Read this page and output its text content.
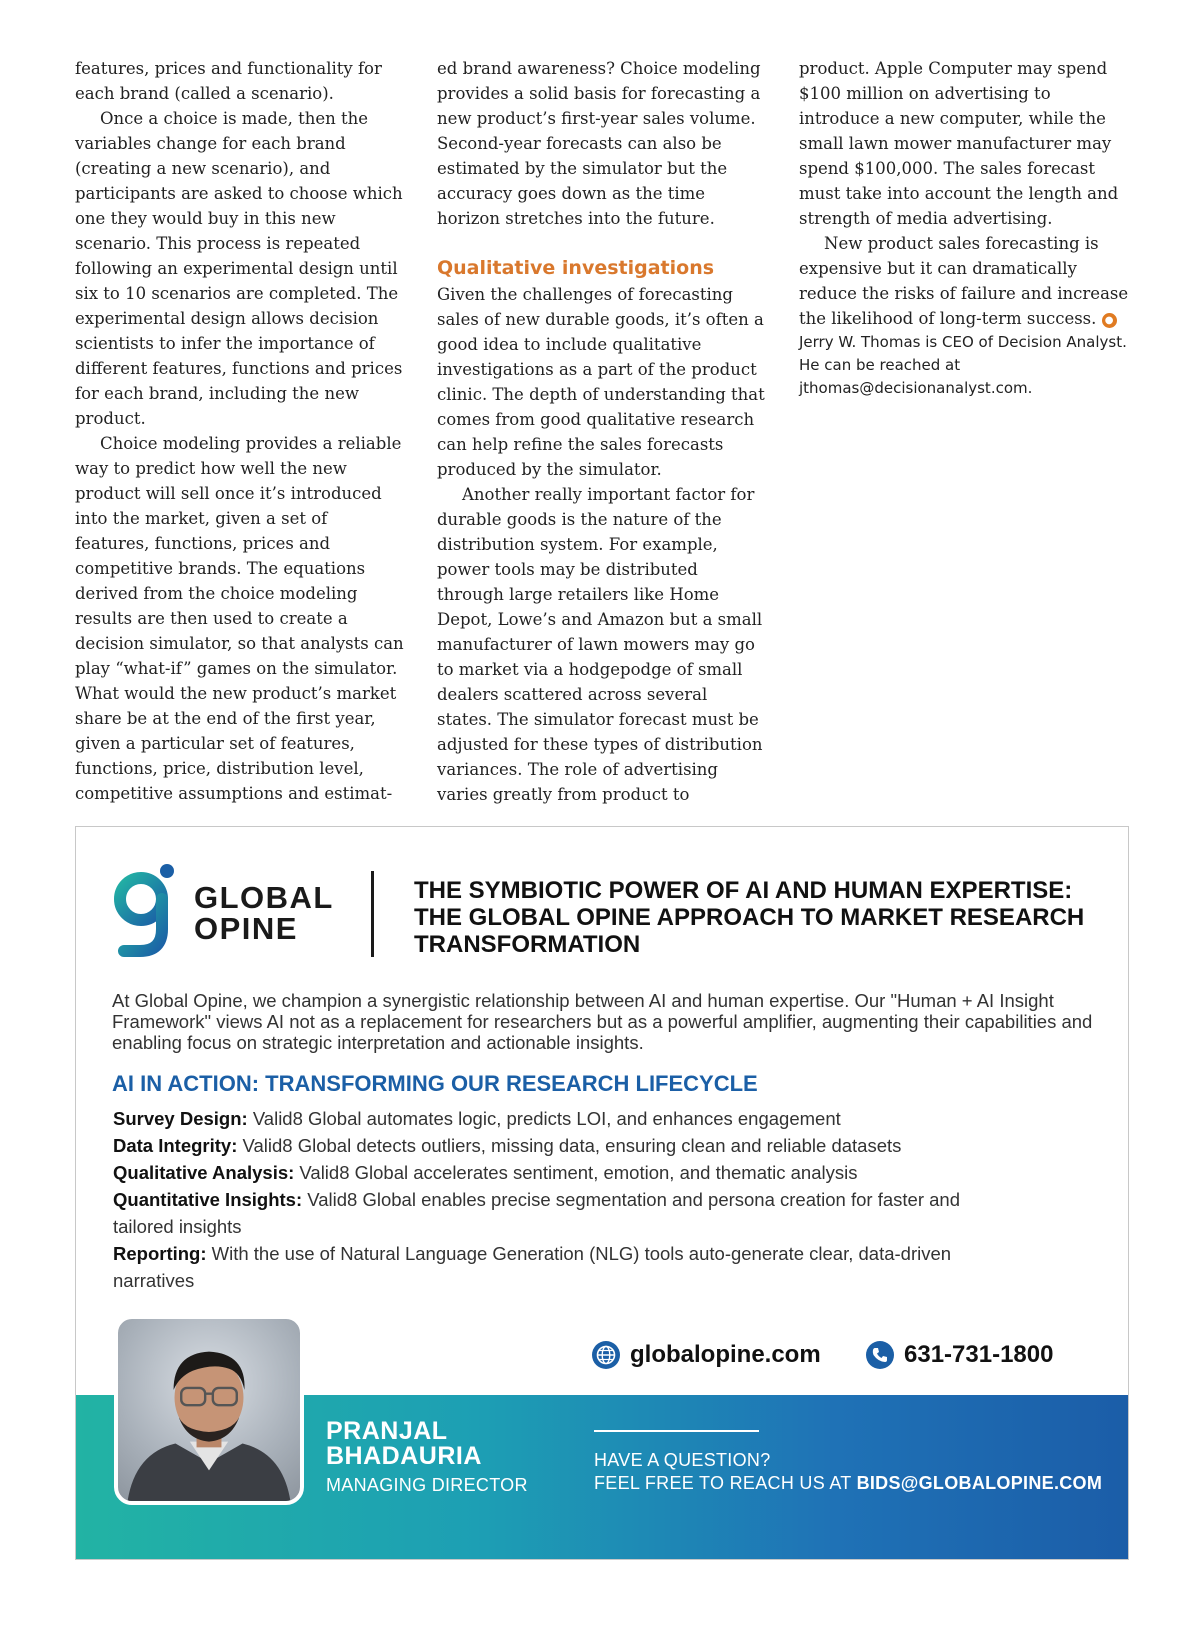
features, prices and functionality for each brand (called a scenario).

Once a choice is made, then the variables change for each brand (creating a new scenario), and participants are asked to choose which one they would buy in this new scenario. This process is repeated following an experimental design until six to 10 scenarios are completed. The experimental design allows decision scientists to infer the importance of different features, functions and prices for each brand, including the new product.

Choice modeling provides a reliable way to predict how well the new product will sell once it’s introduced into the market, given a set of features, functions, prices and competitive brands. The equations derived from the choice modeling results are then used to create a decision simulator, so that analysts can play “what-if” games on the simulator. What would the new product’s market share be at the end of the first year, given a particular set of features, functions, price, distribution level, competitive assumptions and estimat-

ed brand awareness? Choice modeling provides a solid basis for forecasting a new product’s first-year sales volume. Second-year forecasts can also be estimated by the simulator but the accuracy goes down as the time horizon stretches into the future.

Qualitative investigations

Given the challenges of forecasting sales of new durable goods, it’s often a good idea to include qualitative investigations as a part of the product clinic. The depth of understanding that comes from good qualitative research can help refine the sales forecasts produced by the simulator.

Another really important factor for durable goods is the nature of the distribution system. For example, power tools may be distributed through large retailers like Home Depot, Lowe’s and Amazon but a small manufacturer of lawn mowers may go to market via a hodgepodge of small dealers scattered across several states. The simulator forecast must be adjusted for these types of distribution variances. The role of advertising varies greatly from product to

product. Apple Computer may spend $100 million on advertising to introduce a new computer, while the small lawn mower manufacturer may spend $100,000. The sales forecast must take into account the length and strength of media advertising.

New product sales forecasting is expensive but it can dramatically reduce the risks of failure and increase the likelihood of long-term success. ●

Jerry W. Thomas is CEO of Decision Analyst. He can be reached at jthomas@decisionanalyst.com.

GLOBAL
OPINE
THE SYMBIOTIC POWER OF AI AND HUMAN EXPERTISE: THE GLOBAL OPINE APPROACH TO MARKET RESEARCH TRANSFORMATION
At Global Opine, we champion a synergistic relationship between AI and human expertise. Our "Human + AI Insight Framework" views AI not as a replacement for researchers but as a powerful amplifier, augmenting their capabilities and enabling focus on strategic interpretation and actionable insights.
AI IN ACTION: TRANSFORMING OUR RESEARCH LIFECYCLE
Survey Design: Valid8 Global automates logic, predicts LOI, and enhances engagement
Data Integrity: Valid8 Global detects outliers, missing data, ensuring clean and reliable datasets
Qualitative Analysis: Valid8 Global accelerates sentiment, emotion, and thematic analysis
Quantitative Insights: Valid8 Global enables precise segmentation and persona creation for faster and tailored insights
Reporting: With the use of Natural Language Generation (NLG) tools auto-generate clear, data-driven narratives
globalopine.com	631-731-1800
PRANJAL
BHADAURIA
MANAGING DIRECTOR
HAVE A QUESTION?
FEEL FREE TO REACH US AT BIDS@GLOBALOPINE.COM
